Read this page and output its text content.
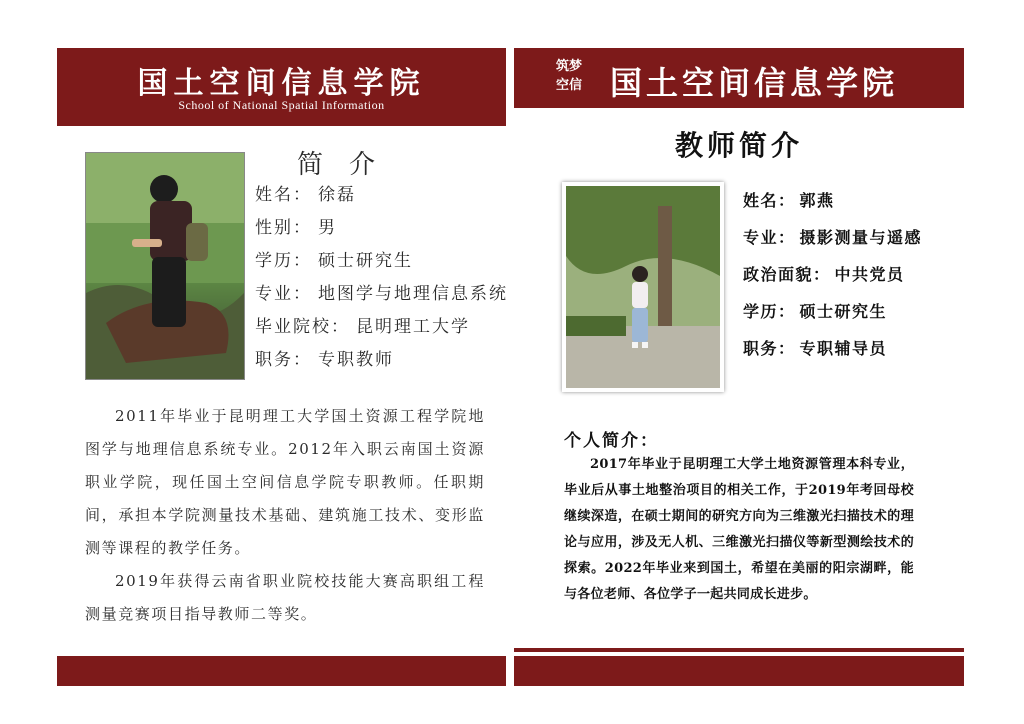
国土空间信息学院
School of National Spatial Information
简介
姓名： 徐磊
性别： 男
学历： 硕士研究生
专业： 地图学与地理信息系统
毕业院校： 昆明理工大学
职务： 专职教师
2011年毕业于昆明理工大学国土资源工程学院地图学与地理信息系统专业。2012年入职云南国土资源职业学院，现任国土空间信息学院专职教师。任职期间，承担本学院测量技术基础、建筑施工技术、变形监测等课程的教学任务。
2019年获得云南省职业院校技能大赛高职组工程测量竞赛项目指导教师二等奖。
筑梦
空信 国土空间信息学院
教师简介
姓名： 郭燕
专业： 摄影测量与遥感
政治面貌： 中共党员
学历： 硕士研究生
职务： 专职辅导员
个人简介：
2017年毕业于昆明理工大学土地资源管理本科专业，毕业后从事土地整治项目的相关工作，于2019年考回母校继续深造，在硕士期间的研究方向为三维激光扫描技术的理论与应用，涉及无人机、三维激光扫描仪等新型测绘技术的探索。2022年毕业来到国土，希望在美丽的阳宗湖畔，能与各位老师、各位学子一起共同成长进步。
